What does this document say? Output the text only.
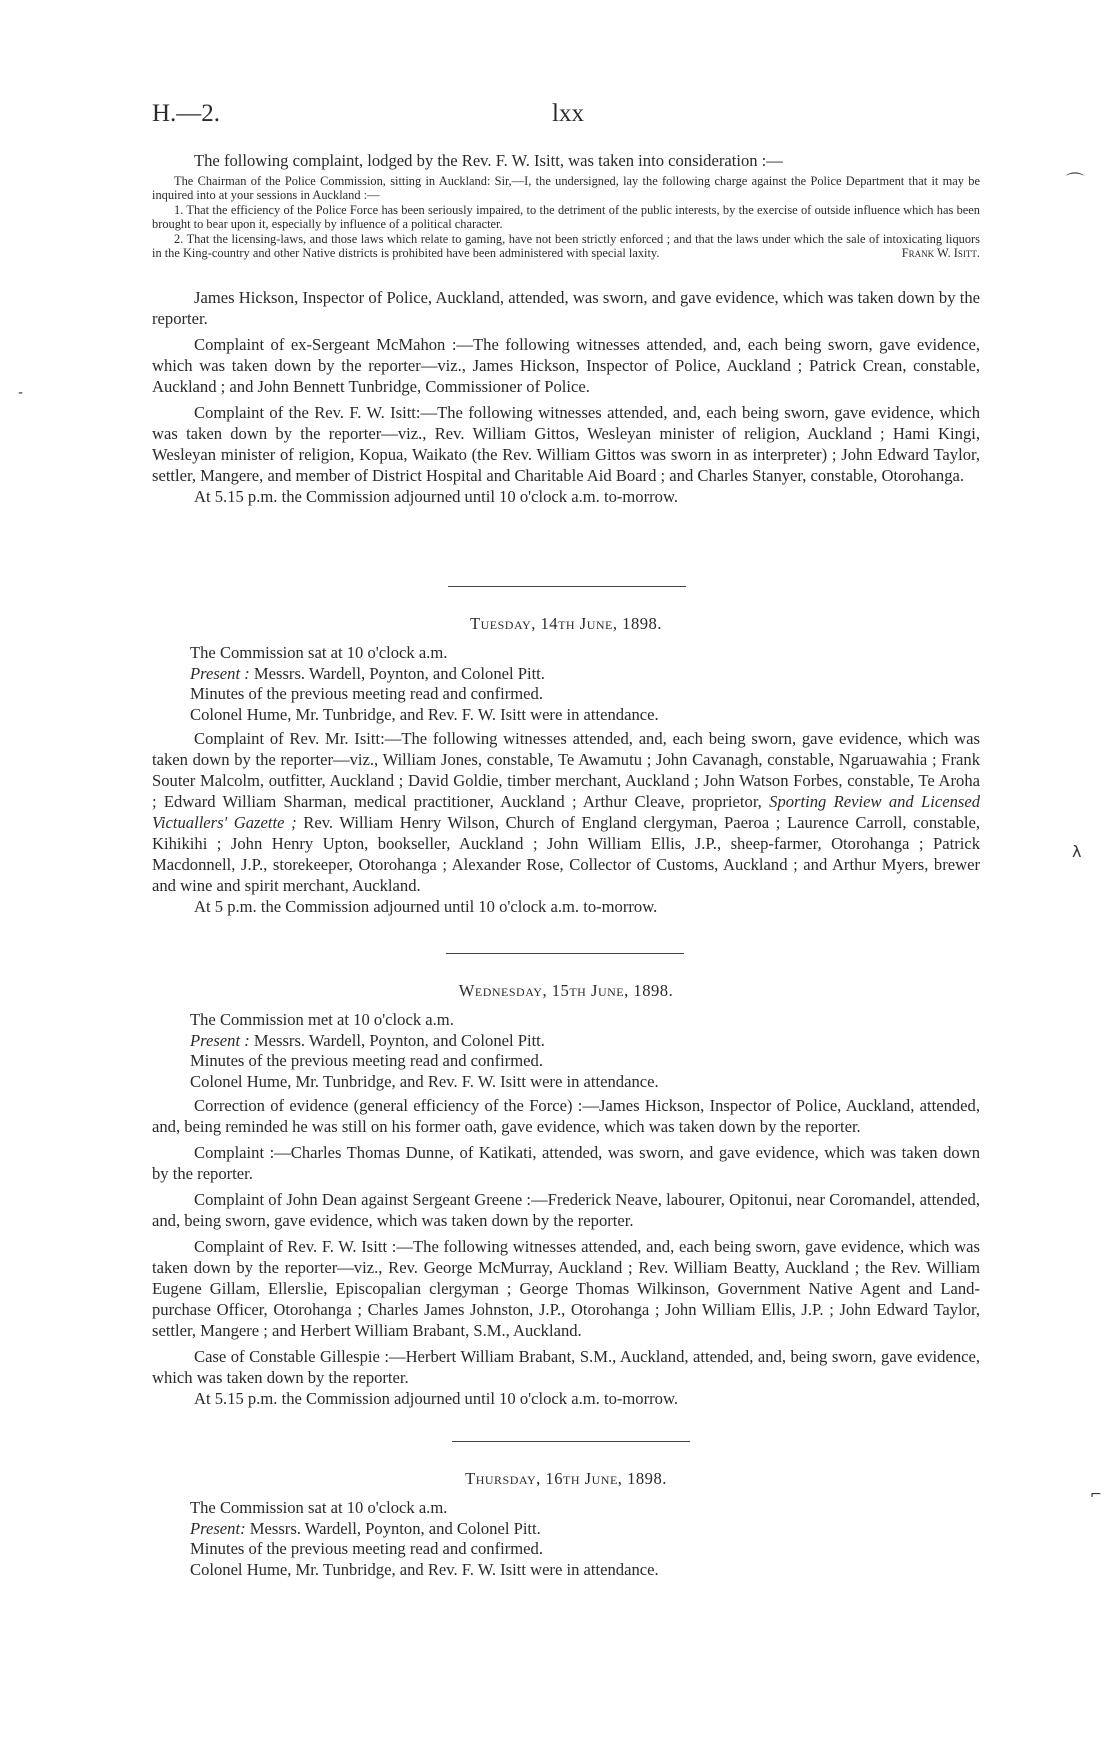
H.—2.	lxx

The following complaint, lodged by the Rev. F. W. Isitt, was taken into consideration :—

The Chairman of the Police Commission, sitting in Auckland: Sir,—I, the undersigned, lay the following charge against the Police Department that it may be inquired into at your sessions in Auckland :—

1. That the efficiency of the Police Force has been seriously impaired, to the detriment of the public interests, by the exercise of outside influence which has been brought to bear upon it, especially by influence of a political character.

2. That the licensing-laws, and those laws which relate to gaming, have not been strictly enforced ; and that the laws under which the sale of intoxicating liquors in the King-country and other Native districts is prohibited have been administered with special laxity.	Frank W. Isitt.

James Hickson, Inspector of Police, Auckland, attended, was sworn, and gave evidence, which was taken down by the reporter.

Complaint of ex-Sergeant McMahon :—The following witnesses attended, and, each being sworn, gave evidence, which was taken down by the reporter—viz., James Hickson, Inspector of Police, Auckland ; Patrick Crean, constable, Auckland ; and John Bennett Tunbridge, Commissioner of Police.

Complaint of the Rev. F. W. Isitt:—The following witnesses attended, and, each being sworn, gave evidence, which was taken down by the reporter—viz., Rev. William Gittos, Wesleyan minister of religion, Auckland ; Hami Kingi, Wesleyan minister of religion, Kopua, Waikato (the Rev. William Gittos was sworn in as interpreter) ; John Edward Taylor, settler, Mangere, and member of District Hospital and Charitable Aid Board ; and Charles Stanyer, constable, Otorohanga.

At 5.15 p.m. the Commission adjourned until 10 o'clock a.m. to-morrow.

Tuesday, 14th June, 1898.

The Commission sat at 10 o'clock a.m.

Present : Messrs. Wardell, Poynton, and Colonel Pitt.

Minutes of the previous meeting read and confirmed.

Colonel Hume, Mr. Tunbridge, and Rev. F. W. Isitt were in attendance.

Complaint of Rev. Mr. Isitt:—The following witnesses attended, and, each being sworn, gave evidence, which was taken down by the reporter—viz., William Jones, constable, Te Awamutu ; John Cavanagh, constable, Ngaruawahia ; Frank Souter Malcolm, outfitter, Auckland ; David Goldie, timber merchant, Auckland ; John Watson Forbes, constable, Te Aroha ; Edward William Sharman, medical practitioner, Auckland ; Arthur Cleave, proprietor, Sporting Review and Licensed Victuallers' Gazette ; Rev. William Henry Wilson, Church of England clergyman, Paeroa ; Laurence Carroll, constable, Kihikihi ; John Henry Upton, bookseller, Auckland ; John William Ellis, J.P., sheep-farmer, Otorohanga ; Patrick Macdonnell, J.P., storekeeper, Otorohanga ; Alexander Rose, Collector of Customs, Auckland ; and Arthur Myers, brewer and wine and spirit merchant, Auckland.

At 5 p.m. the Commission adjourned until 10 o'clock a.m. to-morrow.

Wednesday, 15th June, 1898.

The Commission met at 10 o'clock a.m.

Present : Messrs. Wardell, Poynton, and Colonel Pitt.

Minutes of the previous meeting read and confirmed.

Colonel Hume, Mr. Tunbridge, and Rev. F. W. Isitt were in attendance.

Correction of evidence (general efficiency of the Force) :—James Hickson, Inspector of Police, Auckland, attended, and, being reminded he was still on his former oath, gave evidence, which was taken down by the reporter.

Complaint :—Charles Thomas Dunne, of Katikati, attended, was sworn, and gave evidence, which was taken down by the reporter.

Complaint of John Dean against Sergeant Greene :—Frederick Neave, labourer, Opitonui, near Coromandel, attended, and, being sworn, gave evidence, which was taken down by the reporter.

Complaint of Rev. F. W. Isitt :—The following witnesses attended, and, each being sworn, gave evidence, which was taken down by the reporter—viz., Rev. George McMurray, Auckland ; Rev. William Beatty, Auckland ; the Rev. William Eugene Gillam, Ellerslie, Episcopalian clergyman ; George Thomas Wilkinson, Government Native Agent and Land-purchase Officer, Otorohanga ; Charles James Johnston, J.P., Otorohanga ; John William Ellis, J.P. ; John Edward Taylor, settler, Mangere ; and Herbert William Brabant, S.M., Auckland.

Case of Constable Gillespie :—Herbert William Brabant, S.M., Auckland, attended, and, being sworn, gave evidence, which was taken down by the reporter.

At 5.15 p.m. the Commission adjourned until 10 o'clock a.m. to-morrow.

Thursday, 16th June, 1898.

The Commission sat at 10 o'clock a.m.

Present: Messrs. Wardell, Poynton, and Colonel Pitt.

Minutes of the previous meeting read and confirmed.

Colonel Hume, Mr. Tunbridge, and Rev. F. W. Isitt were in attendance.

⌒
-
λ
⌐
